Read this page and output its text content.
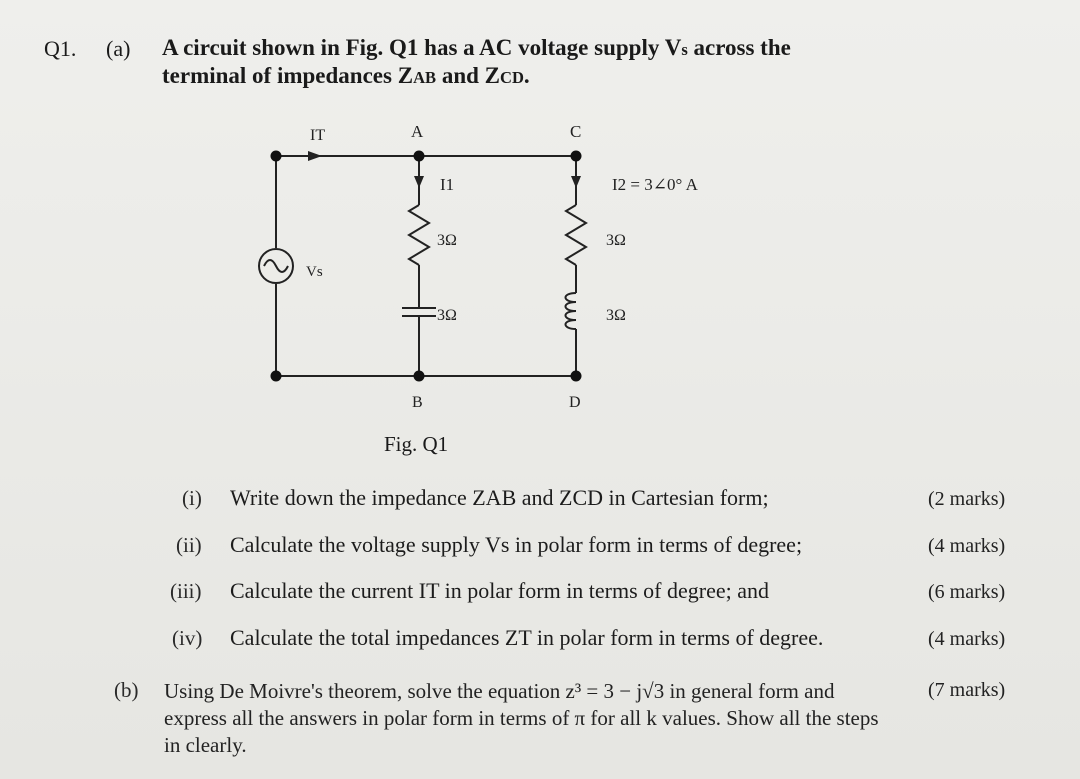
Q1. (a) A circuit shown in Fig. Q1 has a AC voltage supply Vs across the
terminal of impedances ZAB and ZCD.
IT	A	C
B	D
I1	I2 = 3∠0° A
Vs
3Ω
3Ω
3Ω
3Ω
Fig. Q1
(i) Write down the impedance ZAB and ZCD in Cartesian form;	(2 marks)
(ii) Calculate the voltage supply Vs in polar form in terms of degree;	(4 marks)
(iii) Calculate the current IT in polar form in terms of degree; and	(6 marks)
(iv) Calculate the total impedances ZT in polar form in terms of degree.	(4 marks)
(b) Using De Moivre's theorem, solve the equation z³ = 3 − j√3 in general form and express all the answers in polar form in terms of π for all k values. Show all the steps in clearly.
(7 marks)
